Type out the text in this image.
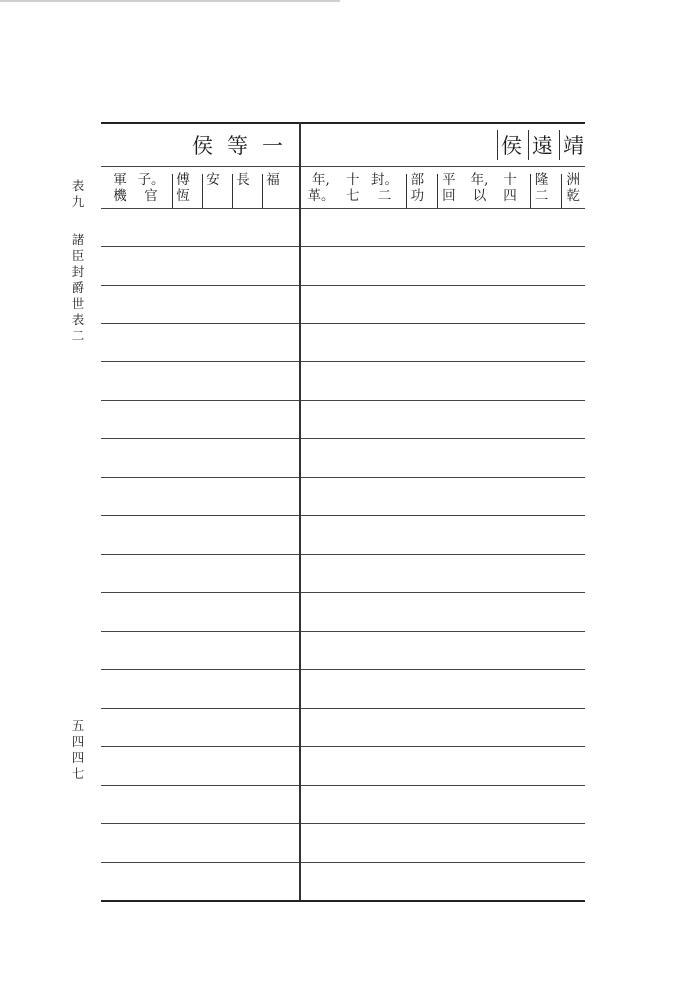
表
九
諸
臣
封
爵
世
表
二
五
四
四
七
侯 遠 靖
侯 等 一
洲
乾
隆
二
十
四
年,
以
平
回
部
功
封。
二
十
七
年,
革。
福
長
安
傅
恆
子。
官
軍
機
